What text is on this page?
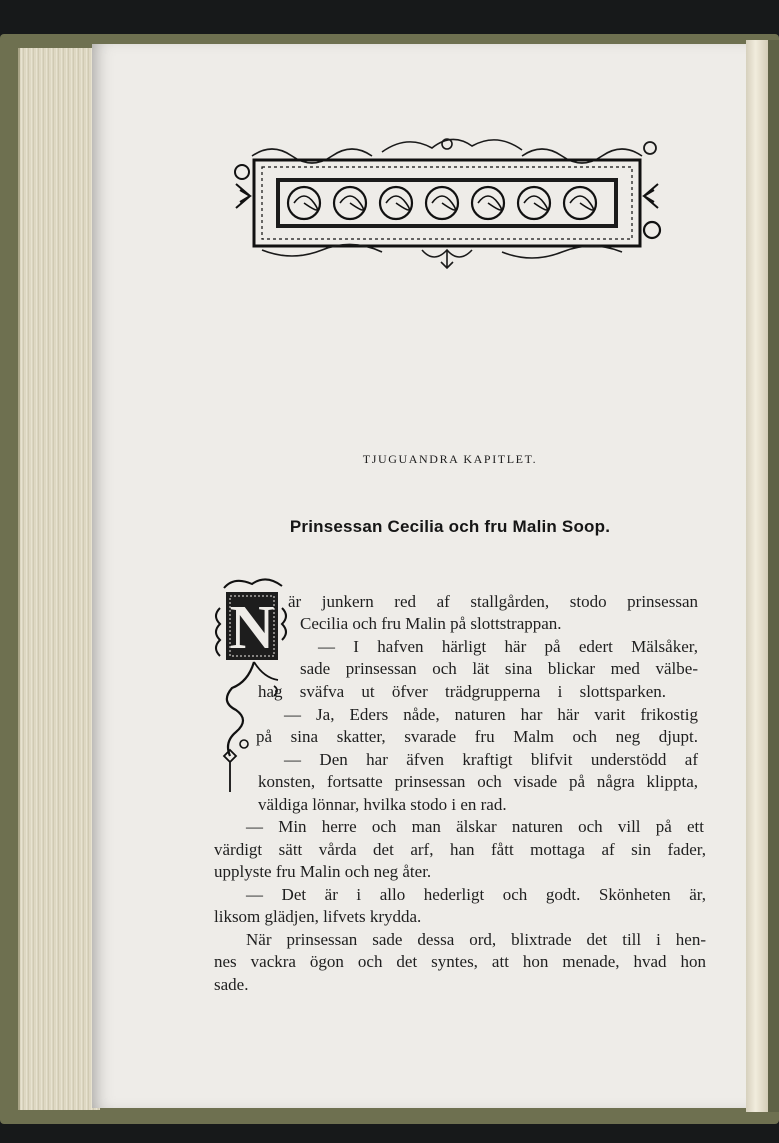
TJUGUANDRA KAPITLET.
Prinsessan Cecilia och fru Malin Soop.
N är junkern red af stallgården, stodo prinsessan

Cecilia och fru Malin på slottstrappan.

— I hafven härligt här på edert Mälsåker,

sade prinsessan och lät sina blickar med välbe-

hag sväfva ut öfver trädgrupperna i slottsparken.

— Ja, Eders nåde, naturen har här varit frikostig

på sina skatter, svarade fru Malm och neg djupt.

— Den har äfven kraftigt blifvit understödd af

konsten, fortsatte prinsessan och visade på några klippta,

väldiga lönnar, hvilka stodo i en rad.

— Min herre och man älskar naturen och vill på ett

värdigt sätt vårda det arf, han fått mottaga af sin fader,

upplyste fru Malin och neg åter.

— Det är i allo hederligt och godt. Skönheten är,

liksom glädjen, lifvets krydda.

När prinsessan sade dessa ord, blixtrade det till i hen-

nes vackra ögon och det syntes, att hon menade, hvad hon

sade.
